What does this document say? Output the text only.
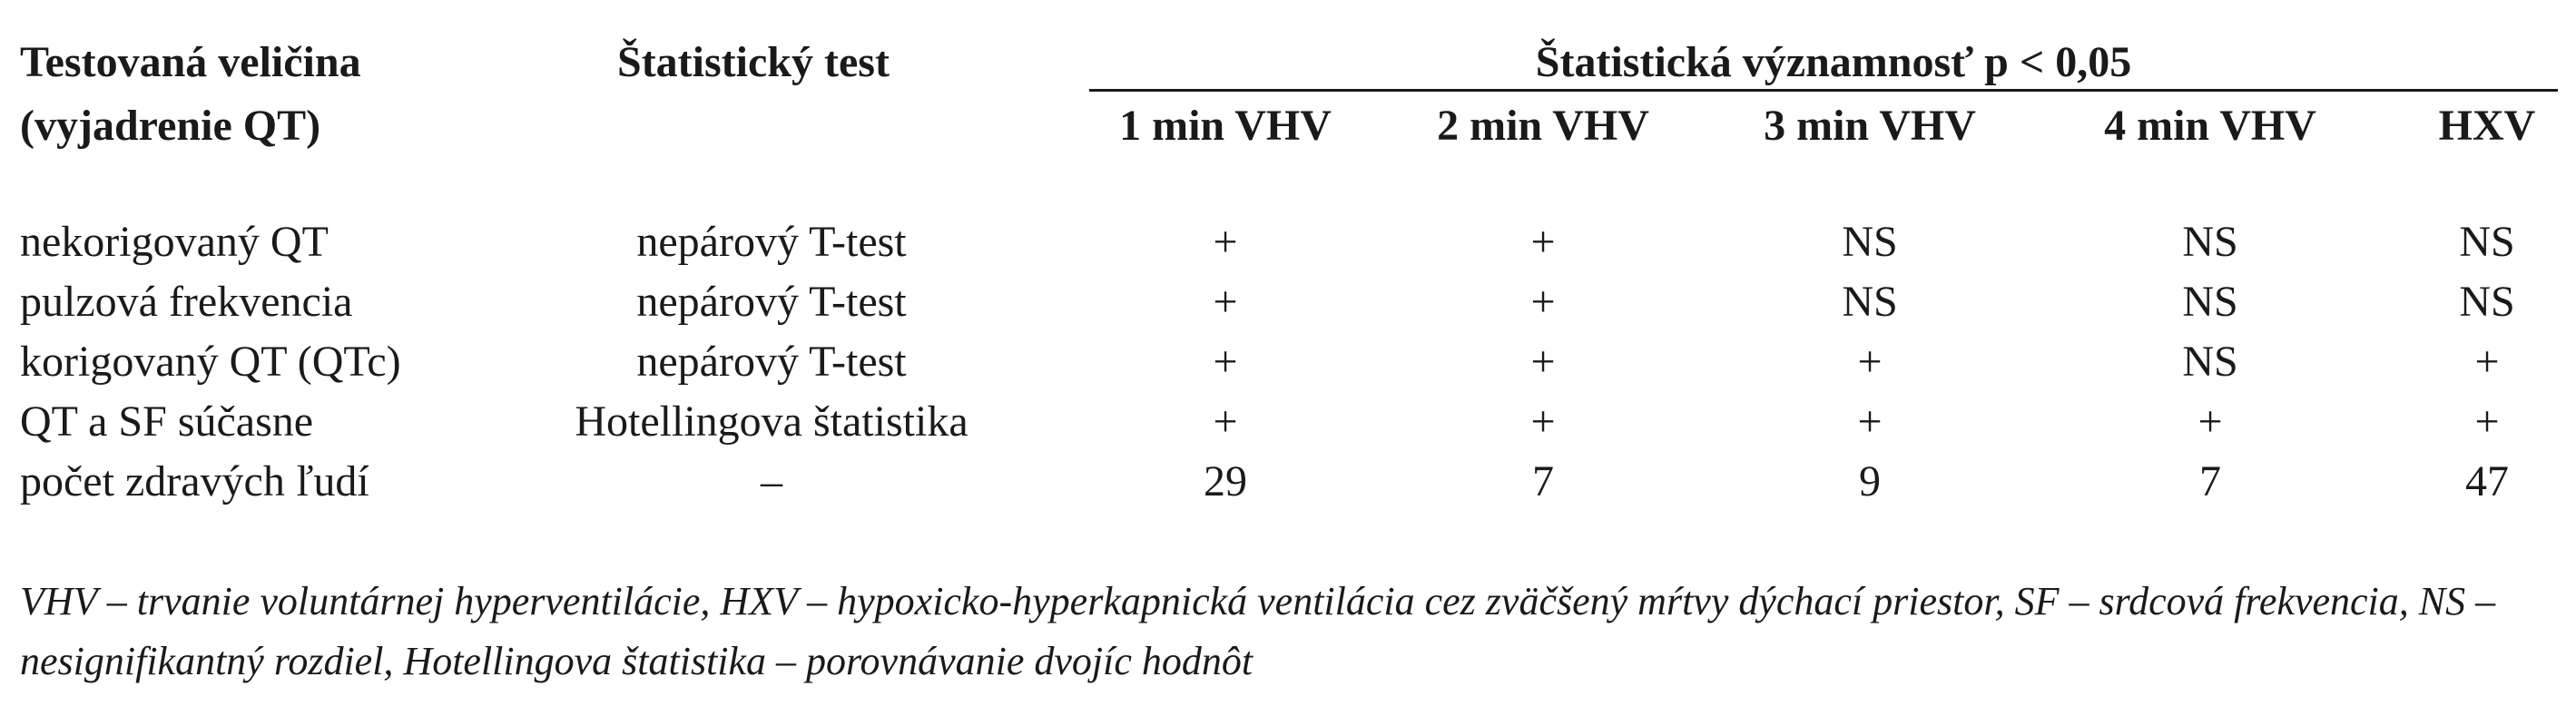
Testovaná veličina
(vyjadrenie QT)
Štatistický test	Štatistická významnosť p < 0,05
1 min VHV	2 min VHV	3 min VHV	4 min VHV	HXV
nekorigovaný QT	nepárový T-test	+	+	NS	NS	NS
pulzová frekvencia	nepárový T-test	+	+	NS	NS	NS
korigovaný QT (QTc)	nepárový T-test	+	+	+	NS	+
QT a SF súčasne	Hotellingova štatistika	+	+	+	+	+
počet zdravých ľudí	–	29	7	9	7	47
VHV – trvanie voluntárnej hyperventilácie, HXV – hypoxicko-hyperkapnická ventilácia cez zväčšený mŕtvy dýchací priestor, SF – srdcová frekvencia, NS – nesignifikantný rozdiel, Hotellingova štatistika – porovnávanie dvojíc hodnôt
